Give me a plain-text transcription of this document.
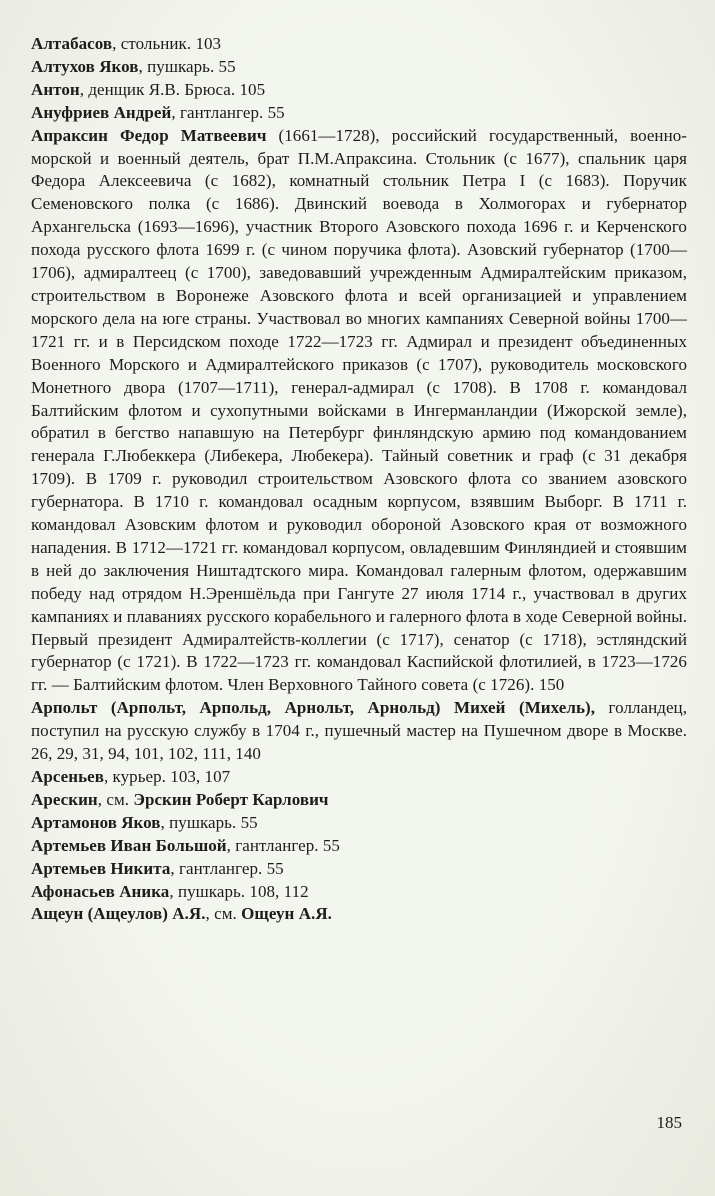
Алтабасов, стольник. 103

Алтухов Яков, пушкарь. 55

Антон, денщик Я.В. Брюса. 105

Ануфриев Андрей, гантлангер. 55

Апраксин Федор Матвеевич (1661—1728), российский государственный, военно-морской и военный деятель, брат П.М.Апраксина. Стольник (с 1677), спальник царя Федора Алексеевича (с 1682), комнатный стольник Петра I (с 1683). Поручик Семеновского полка (с 1686). Двинский воевода в Холмогорах и губернатор Архангельска (1693—1696), участник Второго Азовского похода 1696 г. и Керченского похода русского флота 1699 г. (с чином поручика флота). Азовский губернатор (1700—1706), адмиралтеец (с 1700), заведовавший учрежденным Адмиралтейским приказом, строительством в Воронеже Азовского флота и всей организацией и управлением морского дела на юге страны. Участвовал во многих кампаниях Северной войны 1700—1721 гг. и в Персидском походе 1722—1723 гг. Адмирал и президент объединенных Военного Морского и Адмиралтейского приказов (с 1707), руководитель московского Монетного двора (1707—1711), генерал-адмирал (с 1708). В 1708 г. командовал Балтийским флотом и сухопутными войсками в Ингерманландии (Ижорской земле), обратил в бегство напавшую на Петербург финляндскую армию под командованием генерала Г.Любеккера (Либекера, Любекера). Тайный советник и граф (с 31 декабря 1709). В 1709 г. руководил строительством Азовского флота со званием азовского губернатора. В 1710 г. командовал осадным корпусом, взявшим Выборг. В 1711 г. командовал Азовским флотом и руководил обороной Азовского края от возможного нападения. В 1712—1721 гг. командовал корпусом, овладевшим Финляндией и стоявшим в ней до заключения Ништадтского мира. Командовал галерным флотом, одержавшим победу над отрядом Н.Эреншёльда при Гангуте 27 июля 1714 г., участвовал в других кампаниях и плаваниях русского корабельного и галерного флота в ходе Северной войны. Первый президент Адмиралтейств-коллегии (с 1717), сенатор (с 1718), эстляндский губернатор (с 1721). В 1722—1723 гг. командовал Каспийской флотилией, в 1723—1726 гг. — Балтийским флотом. Член Верховного Тайного совета (с 1726). 150

Арпольт (Арпольт, Арпольд, Арнольт, Арнольд) Михей (Михель), голландец, поступил на русскую службу в 1704 г., пушечный мастер на Пушечном дворе в Москве. 26, 29, 31, 94, 101, 102, 111, 140

Арсеньев, курьер. 103, 107

Арескин, см. Эрскин Роберт Карлович

Артамонов Яков, пушкарь. 55

Артемьев Иван Большой, гантлангер. 55

Артемьев Никита, гантлангер. 55

Афонасьев Аника, пушкарь. 108, 112

Ащеун (Ащеулов) А.Я., см. Ощеун А.Я.

185
